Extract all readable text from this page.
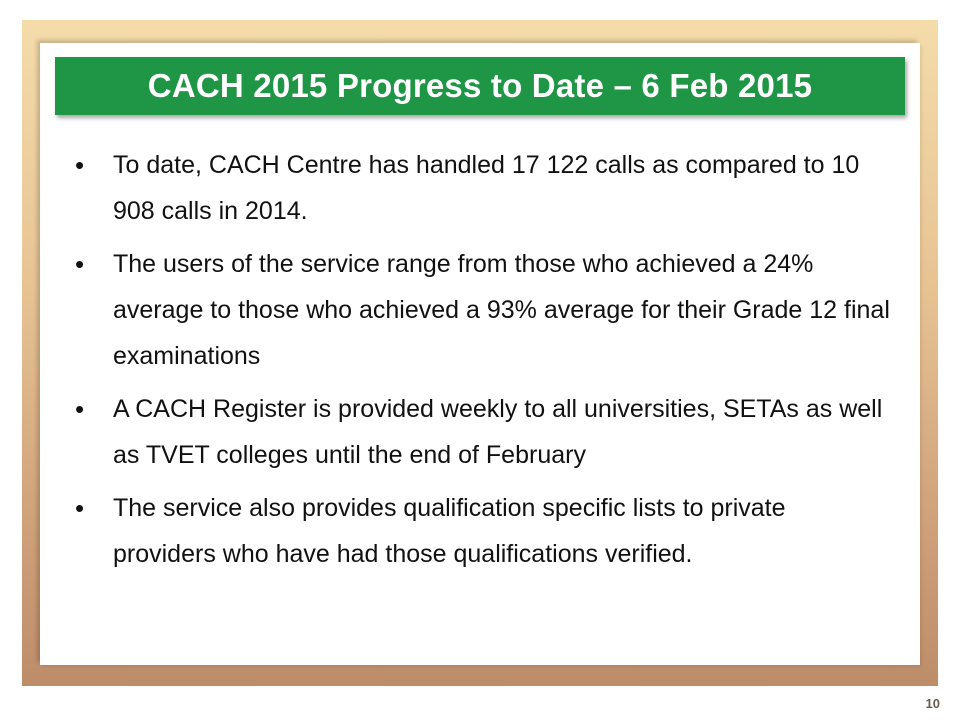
CACH 2015 Progress to Date – 6 Feb 2015
•	To date, CACH Centre has handled 17 122 calls as compared to 10 908 calls in 2014.
•	The users of the service range from those who achieved a 24% average to those who achieved a 93% average for their Grade 12 final examinations
•	A CACH Register is provided weekly to all universities, SETAs as well as TVET colleges until the end of February
•	The service also provides qualification specific lists to private providers who have had those qualifications verified.
10
